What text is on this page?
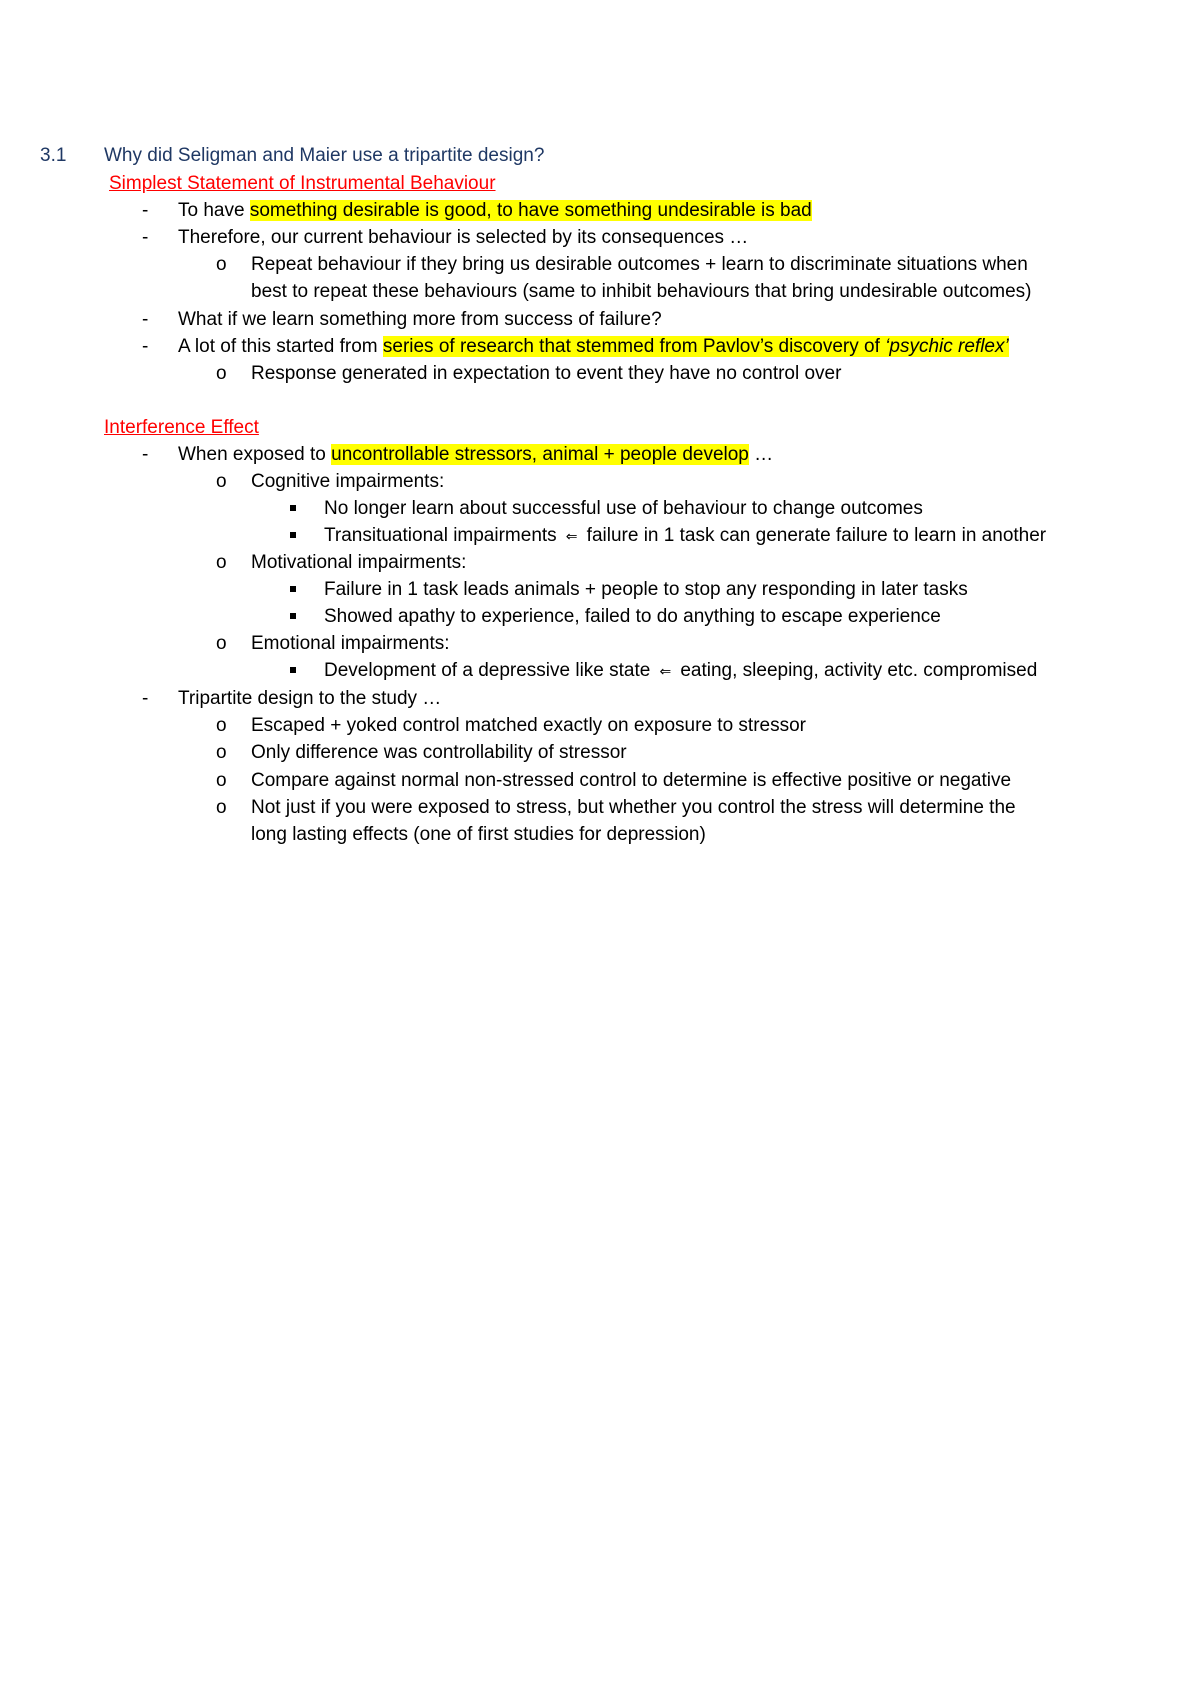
3.1 Why did Seligman and Maier use a tripartite design?
Simplest Statement of Instrumental Behaviour
- To have something desirable is good, to have something undesirable is bad
- Therefore, our current behaviour is selected by its consequences …
o Repeat behaviour if they bring us desirable outcomes + learn to discriminate situations when
best to repeat these behaviours (same to inhibit behaviours that bring undesirable outcomes)
- What if we learn something more from success of failure?
- A lot of this started from series of research that stemmed from Pavlov’s discovery of ‘psychic reflex’
o Response generated in expectation to event they have no control over
Interference Effect
- When exposed to uncontrollable stressors, animal + people develop …
o Cognitive impairments:
No longer learn about successful use of behaviour to change outcomes
Transituational impairments ⇐ failure in 1 task can generate failure to learn in another
o Motivational impairments:
Failure in 1 task leads animals + people to stop any responding in later tasks
Showed apathy to experience, failed to do anything to escape experience
o Emotional impairments:
Development of a depressive like state ⇐ eating, sleeping, activity etc. compromised
- Tripartite design to the study …
o Escaped + yoked control matched exactly on exposure to stressor
o Only difference was controllability of stressor
o Compare against normal non-stressed control to determine is effective positive or negative
o Not just if you were exposed to stress, but whether you control the stress will determine the
long lasting effects (one of first studies for depression)
